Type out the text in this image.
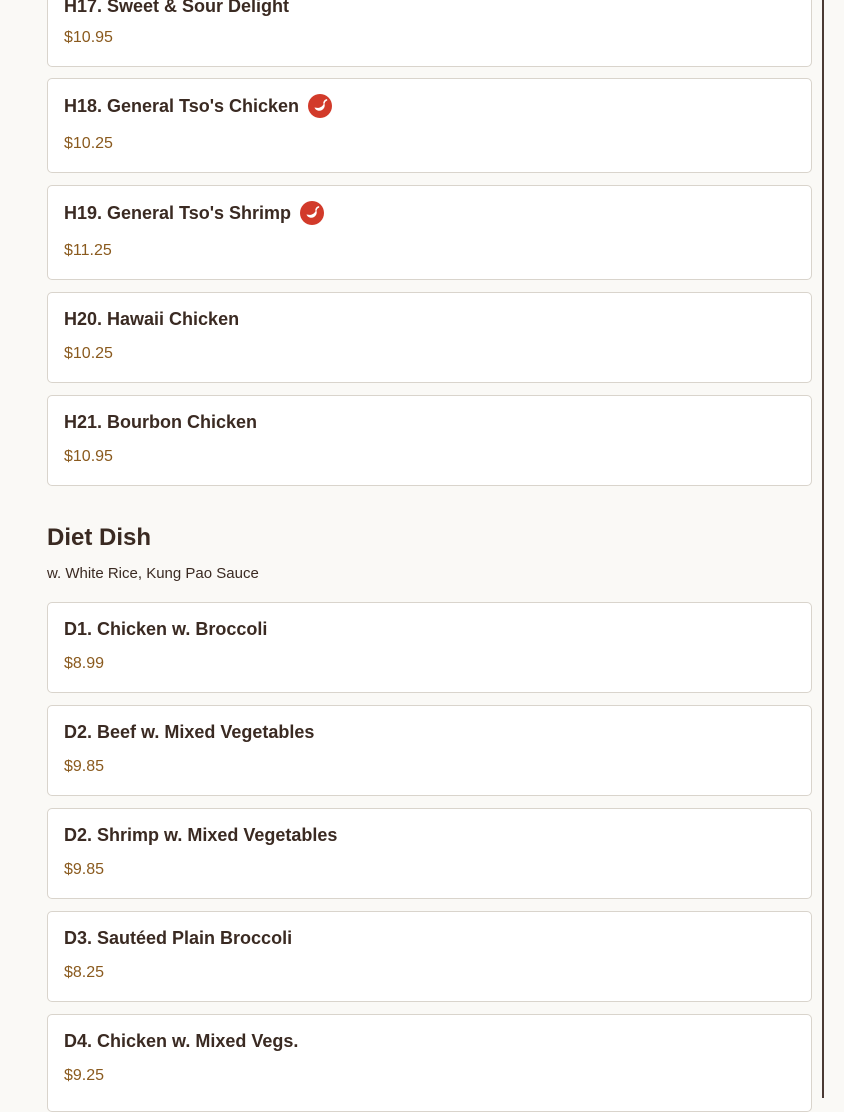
H17. Sweet & Sour Delight
$10.95
H18. General Tso's Chicken
$10.25
H19. General Tso's Shrimp
$11.25
H20. Hawaii Chicken
$10.25
H21. Bourbon Chicken
$10.95
Diet Dish
w. White Rice, Kung Pao Sauce
D1. Chicken w. Broccoli
$8.99
D2. Beef w. Mixed Vegetables
$9.85
D2. Shrimp w. Mixed Vegetables
$9.85
D3. Sautéed Plain Broccoli
$8.25
D4. Chicken w. Mixed Vegs.
$9.25
